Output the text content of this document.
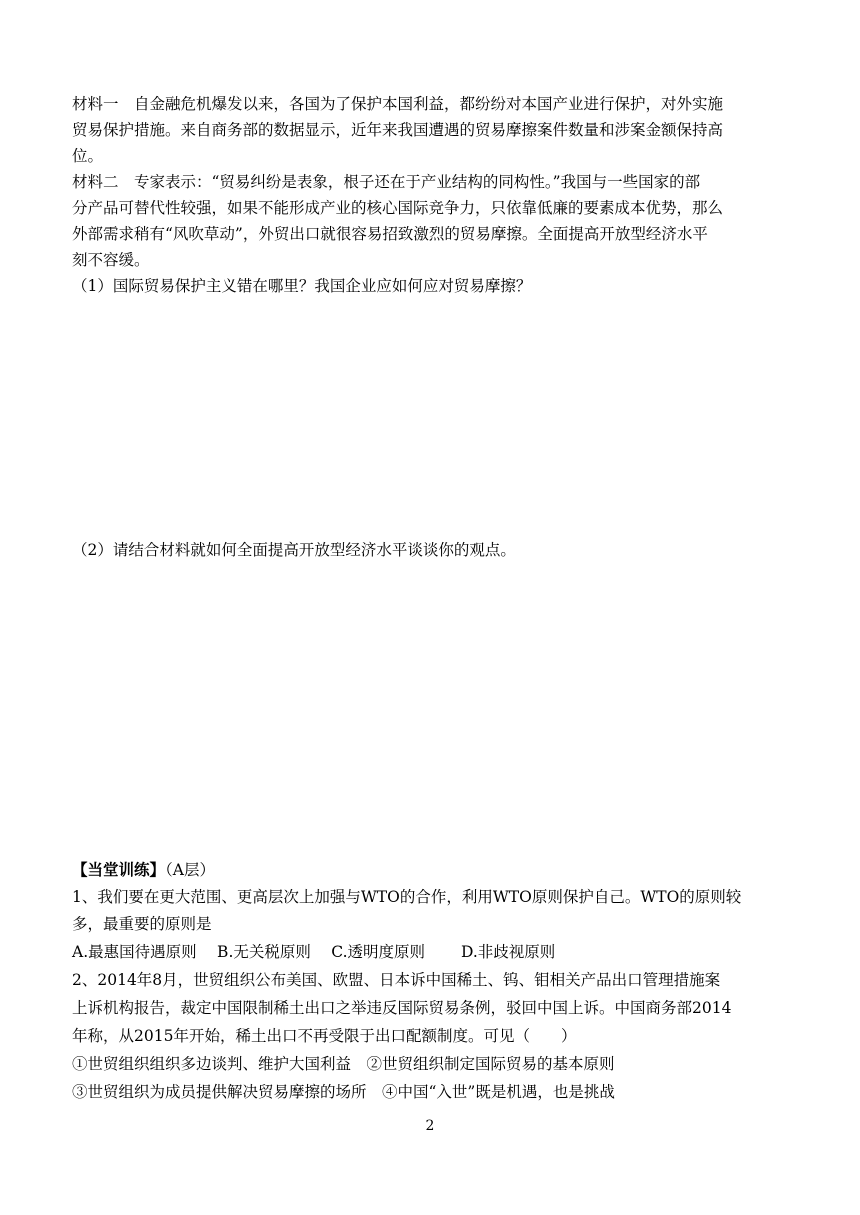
材料一　自金融危机爆发以来，各国为了保护本国利益，都纷纷对本国产业进行保护，对外实施
贸易保护措施。来自商务部的数据显示，近年来我国遭遇的贸易摩擦案件数量和涉案金额保持高
位。
材料二　专家表示：“贸易纠纷是表象，根子还在于产业结构的同构性。”我国与一些国家的部
分产品可替代性较强，如果不能形成产业的核心国际竞争力，只依靠低廉的要素成本优势，那么
外部需求稍有“风吹草动”，外贸出口就很容易招致激烈的贸易摩擦。全面提高开放型经济水平
刻不容缓。
（1）国际贸易保护主义错在哪里？我国企业应如何应对贸易摩擦？
（2）请结合材料就如何全面提高开放型经济水平谈谈你的观点。
【当堂训练】（A层）
1、我们要在更大范围、更高层次上加强与WTO的合作，利用WTO原则保护自己。WTO的原则较
多，最重要的原则是
A.最惠国待遇原则　 B.无关税原则　 C.透明度原则　　 D.非歧视原则
2、2014年8月，世贸组织公布美国、欧盟、日本诉中国稀土、钨、钼相关产品出口管理措施案
上诉机构报告，裁定中国限制稀土出口之举违反国际贸易条例，驳回中国上诉。中国商务部2014
年称，从2015年开始，稀土出口不再受限于出口配额制度。可见（　　）
①世贸组织组织多边谈判、维护大国利益　②世贸组织制定国际贸易的基本原则
③世贸组织为成员提供解决贸易摩擦的场所　④中国“入世”既是机遇，也是挑战
2
